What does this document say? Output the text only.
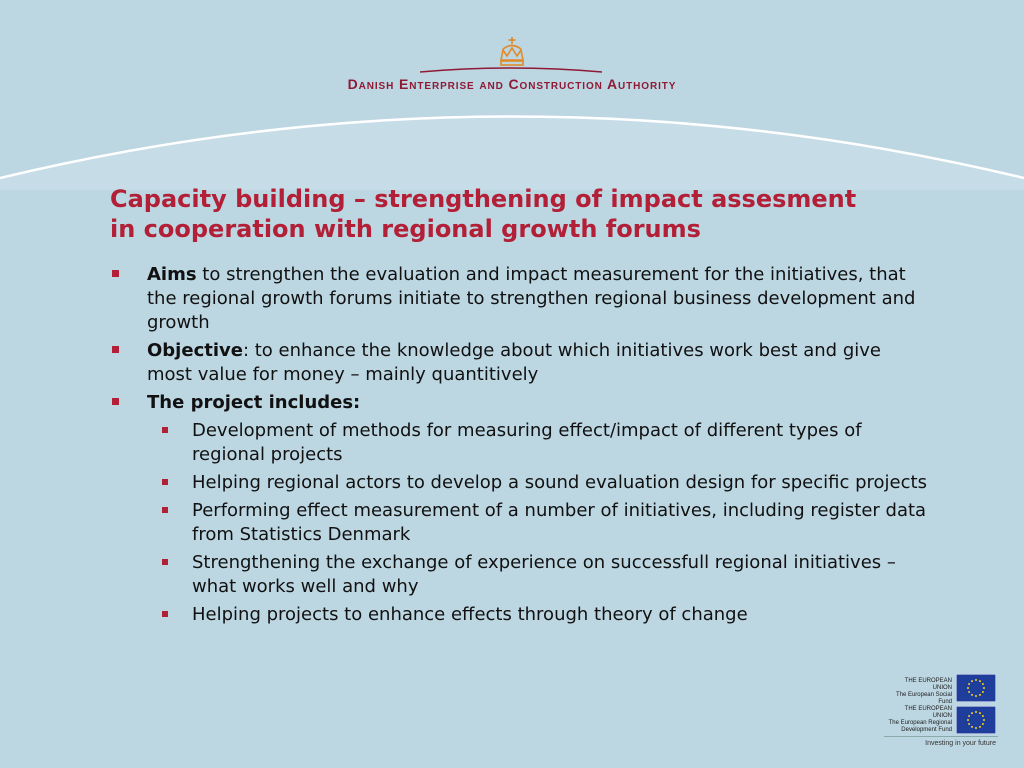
Danish Enterprise and Construction Authority
Capacity building – strengthening of impact assesment
in cooperation with regional growth forums
Aims to strengthen the evaluation and impact measurement for the initiatives, that the regional growth forums initiate to strengthen regional business development and growth
Objective: to enhance the knowledge about which initiatives work best and give most value for money – mainly quantitively
The project includes:
Development of methods for measuring effect/impact of different types of regional projects
Helping regional actors to develop a sound evaluation design for specific projects
Performing effect measurement of a number of initiatives, including register data from Statistics Denmark
Strengthening the exchange of experience on successfull regional initiatives – what works well and why
Helping projects to enhance effects through theory of change
THE EUROPEAN UNION
The European Social Fund
THE EUROPEAN UNION
The European Regional
Development Fund
Investing in your future
